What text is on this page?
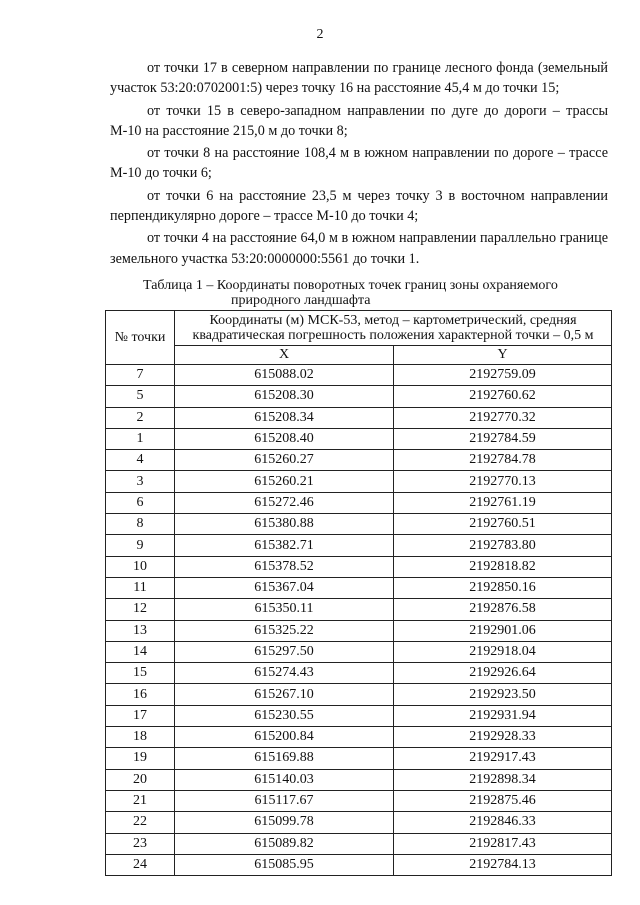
2

от точки 17 в северном направлении по границе лесного фонда (земельный участок 53:20:0702001:5) через точку 16 на расстояние 45,4 м до точки 15;

от точки 15 в северо-западном направлении по дуге до дороги – трассы М-10 на расстояние 215,0 м до точки 8;

от точки 8 на расстояние 108,4 м в южном направлении по дороге – трассе М-10 до точки 6;

от точки 6 на расстояние 23,5 м через точку 3 в восточном направлении перпендикулярно дороге – трассе М-10 до точки 4;

от точки 4 на расстояние 64,0 м в южном направлении параллельно границе земельного участка 53:20:0000000:5561 до точки 1.

Таблица 1 – Координаты поворотных точек границ зоны охраняемого
природного ландшафта
№ точки	Координаты (м) МСК-53, метод – картометрический, средняя квадратическая погрешность положения характерной точки – 0,5 м	
	X	Y
7	615088.02	2192759.09
5	615208.30	2192760.62
2	615208.34	2192770.32
1	615208.40	2192784.59
4	615260.27	2192784.78
3	615260.21	2192770.13
6	615272.46	2192761.19
8	615380.88	2192760.51
9	615382.71	2192783.80
10	615378.52	2192818.82
11	615367.04	2192850.16
12	615350.11	2192876.58
13	615325.22	2192901.06
14	615297.50	2192918.04
15	615274.43	2192926.64
16	615267.10	2192923.50
17	615230.55	2192931.94
18	615200.84	2192928.33
19	615169.88	2192917.43
20	615140.03	2192898.34
21	615117.67	2192875.46
22	615099.78	2192846.33
23	615089.82	2192817.43
24	615085.95	2192784.13
